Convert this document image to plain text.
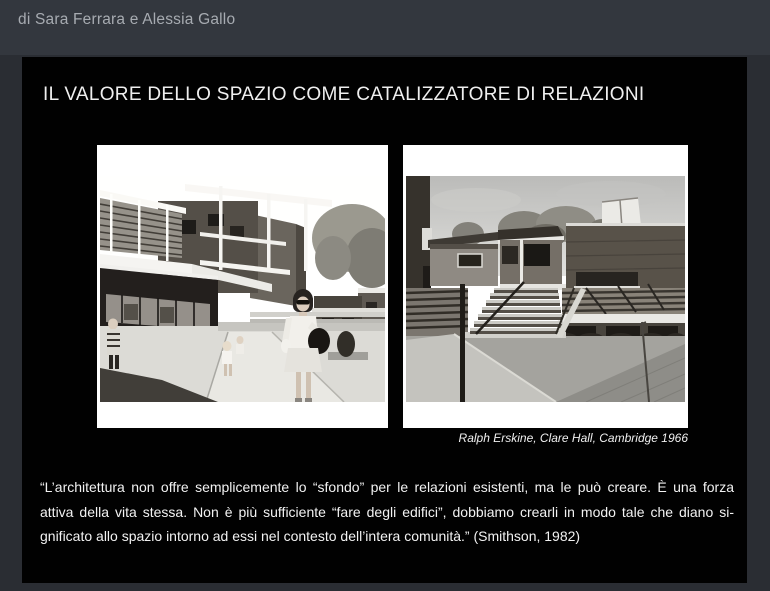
di Sara Ferrara e Alessia Gallo
IL VALORE DELLO SPAZIO COME CATALIZZATORE DI RELAZIONI
Ralph Erskine, Clare Hall, Cambridge 1966
“L’architettura non offre semplicemente lo “sfondo” per le relazioni esistenti, ma le può creare. È una forza
attiva della vita stessa. Non è più sufficiente “fare degli edifici”, dobbiamo crearli in modo tale che diano si-
gnificato allo spazio intorno ad essi nel contesto dell’intera comunità.” (Smithson, 1982)
